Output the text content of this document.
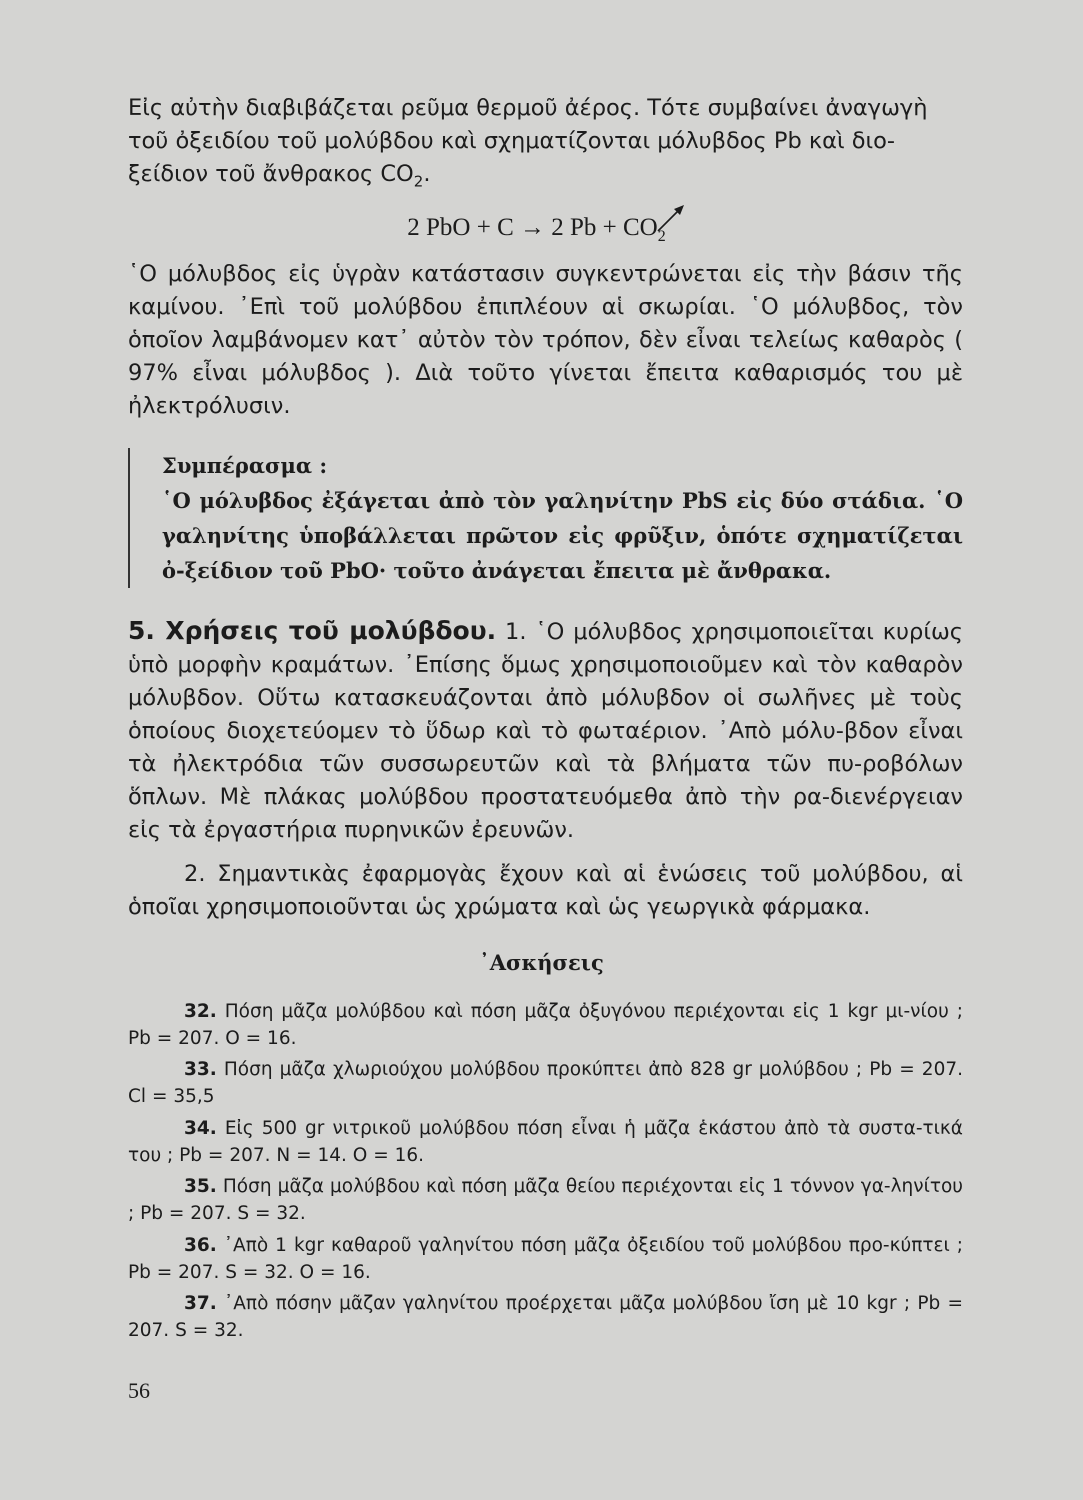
Εἰς αὐτὴν διαβιβάζεται ρεῦμα θερμοῦ ἀέρος. Τότε συμβαίνει ἀναγωγὴ
τοῦ ὀξειδίου τοῦ μολύβδου καὶ σχηματίζονται μόλυβδος Pb καὶ διο-
ξείδιον τοῦ ἄνθρακος $CO_2$.

2 PbO + C → 2 $Pb + CO_2$

῾Ο μόλυβδος εἰς ὑγρὰν κατάστασιν συγκεντρώνεται εἰς τὴν βάσιν τῆς καμίνου. ᾿Επὶ τοῦ μολύβδου ἐπιπλέουν αἱ σκωρίαι. ῾Ο μόλυβδος, τὸν ὁποῖον λαμβάνομεν κατ᾿ αὐτὸν τὸν τρόπον, δὲν εἶναι τελείως καθαρὸς ( 97% εἶναι μόλυβδος ). Διὰ τοῦτο γίνεται ἔπειτα καθαρισμός του μὲ ἠλεκτρόλυσιν.

Συμπέρασμα :

῾Ο μόλυβδος ἐξάγεται ἀπὸ τὸν γαληνίτην PbS εἰς δύο στάδια. ῾Ο γαληνίτης ὑποβάλλεται πρῶτον εἰς φρῦξιν, ὁπότε σχηματίζεται ὀ-ξείδιον τοῦ PbO· τοῦτο ἀνάγεται ἔπειτα μὲ ἄνθρακα.

5. Χρήσεις τοῦ μολύβδου. 1. ῾Ο μόλυβδος χρησιμοποιεῖται κυρίως ὑπὸ μορφὴν κραμάτων. ᾿Επίσης ὅμως χρησιμοποιοῦμεν καὶ τὸν καθαρὸν μόλυβδον. Οὕτω κατασκευάζονται ἀπὸ μόλυβδον οἱ σωλῆνες μὲ τοὺς ὁποίους διοχετεύομεν τὸ ὕδωρ καὶ τὸ φωταέριον. ᾿Απὸ μόλυ-βδον εἶναι τὰ ἠλεκτρόδια τῶν συσσωρευτῶν καὶ τὰ βλήματα τῶν πυ-ροβόλων ὅπλων. Μὲ πλάκας μολύβδου προστατευόμεθα ἀπὸ τὴν ρα-διενέργειαν εἰς τὰ ἐργαστήρια πυρηνικῶν ἐρευνῶν.

2. Σημαντικὰς ἐφαρμογὰς ἔχουν καὶ αἱ ἑνώσεις τοῦ μολύβδου, αἱ ὁποῖαι χρησιμοποιοῦνται ὡς χρώματα καὶ ὡς γεωργικὰ φάρμακα.

᾿Ασκήσεις

32. Πόση μᾶζα μολύβδου καὶ πόση μᾶζα ὀξυγόνου περιέχονται εἰς 1 kgr μι-νίου ; Pb = 207. O = 16.

33. Πόση μᾶζα χλωριούχου μολύβδου προκύπτει ἀπὸ 828 gr μολύβδου ; Pb = 207. Cl = 35,5

34. Εἰς 500 gr νιτρικοῦ μολύβδου πόση εἶναι ἡ μᾶζα ἑκάστου ἀπὸ τὰ συστα-τικά του ; Pb = 207. N = 14. O = 16.

35. Πόση μᾶζα μολύβδου καὶ πόση μᾶζα θείου περιέχονται εἰς 1 τόννον γα-ληνίτου ; Pb = 207. S = 32.

36. ᾿Απὸ 1 kgr καθαροῦ γαληνίτου πόση μᾶζα ὀξειδίου τοῦ μολύβδου προ-κύπτει ; Pb = 207. S = 32. O = 16.

37. ᾿Απὸ πόσην μᾶζαν γαληνίτου προέρχεται μᾶζα μολύβδου ἴση μὲ 10 kgr ; Pb = 207. S = 32.

56
